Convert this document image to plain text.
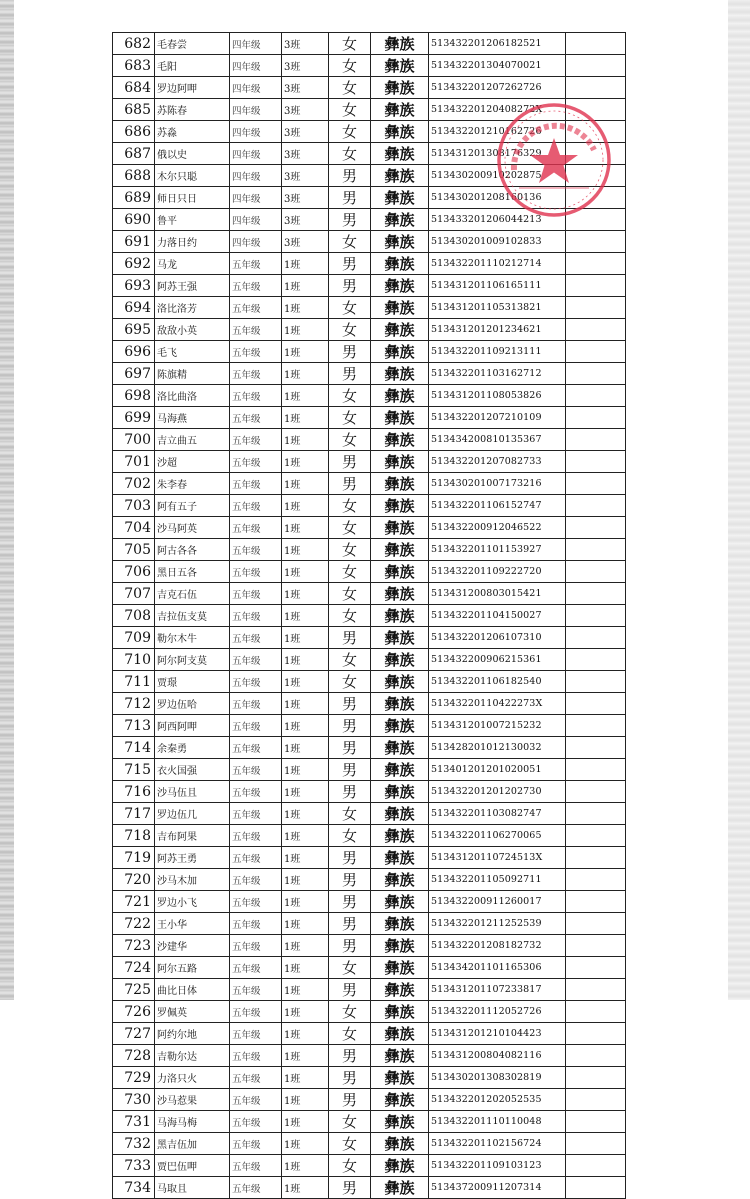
682	毛春尝	四年级	3班	女	彝族	513432201206182521	
683	毛阳	四年级	3班	女	彝族	513432201304070021	
684	罗边阿呷	四年级	3班	女	彝族	513432201207262726	
685	苏陈春	四年级	3班	女	彝族	51343220120408272X	
686	苏淼	四年级	3班	女	彝族	513432201210162726	
687	俄以史	四年级	3班	女	彝族	513431201308176329	
688	木尔只聪	四年级	3班	男	彝族	513430200910202875	
689	师日只日	四年级	3班	男	彝族	513430201208160136	
690	鲁平	四年级	3班	男	彝族	513433201206044213	
691	力落日约	四年级	3班	女	彝族	513430201009102833	
692	马龙	五年级	1班	男	彝族	513432201110212714	
693	阿苏王强	五年级	1班	男	彝族	513431201106165111	
694	洛比洛芳	五年级	1班	女	彝族	513431201105313821	
695	敌敌小英	五年级	1班	女	彝族	513431201201234621	
696	毛飞	五年级	1班	男	彝族	513432201109213111	
697	陈旗精	五年级	1班	男	彝族	513432201103162712	
698	洛比曲洛	五年级	1班	女	彝族	513431201108053826	
699	马海燕	五年级	1班	女	彝族	513432201207210109	
700	吉立曲五	五年级	1班	女	彝族	513434200810135367	
701	沙超	五年级	1班	男	彝族	513432201207082733	
702	朱李春	五年级	1班	男	彝族	513430201007173216	
703	阿有五子	五年级	1班	女	彝族	513432201106152747	
704	沙马阿英	五年级	1班	女	彝族	513432200912046522	
705	阿古各各	五年级	1班	女	彝族	513432201101153927	
706	黑日五各	五年级	1班	女	彝族	513432201109222720	
707	吉克石伍	五年级	1班	女	彝族	513431200803015421	
708	吉拉伍支莫	五年级	1班	女	彝族	513432201104150027	
709	勒尔木牛	五年级	1班	男	彝族	513432201206107310	
710	阿尔阿支莫	五年级	1班	女	彝族	513432200906215361	
711	贾璟	五年级	1班	女	彝族	513432201106182540	
712	罗边伍哈	五年级	1班	男	彝族	51343220110422273X	
713	阿西阿呷	五年级	1班	男	彝族	513431201007215232	
714	余秦勇	五年级	1班	男	彝族	513428201012130032	
715	衣火国强	五年级	1班	男	彝族	513401201201020051	
716	沙马伍且	五年级	1班	男	彝族	513432201201202730	
717	罗边伍几	五年级	1班	女	彝族	513432201103082747	
718	吉布阿果	五年级	1班	女	彝族	513432201106270065	
719	阿苏王勇	五年级	1班	男	彝族	51343120110724513X	
720	沙马木加	五年级	1班	男	彝族	513432201105092711	
721	罗边小飞	五年级	1班	男	彝族	513432200911260017	
722	王小华	五年级	1班	男	彝族	513432201211252539	
723	沙建华	五年级	1班	男	彝族	513432201208182732	
724	阿尔五路	五年级	1班	女	彝族	513434201101165306	
725	曲比日体	五年级	1班	男	彝族	513431201107233817	
726	罗佩英	五年级	1班	女	彝族	513432201112052726	
727	阿约尔地	五年级	1班	女	彝族	513431201210104423	
728	吉勒尔达	五年级	1班	男	彝族	513431200804082116	
729	力洛只火	五年级	1班	男	彝族	513430201308302819	
730	沙马惹果	五年级	1班	男	彝族	513432201202052535	
731	马海马梅	五年级	1班	女	彝族	513432201110110048	
732	黑吉伍加	五年级	1班	女	彝族	513432201102156724	
733	贾巴伍呷	五年级	1班	女	彝族	513432201109103123	
734	马取且	五年级	1班	男	彝族	513437200911207314	
